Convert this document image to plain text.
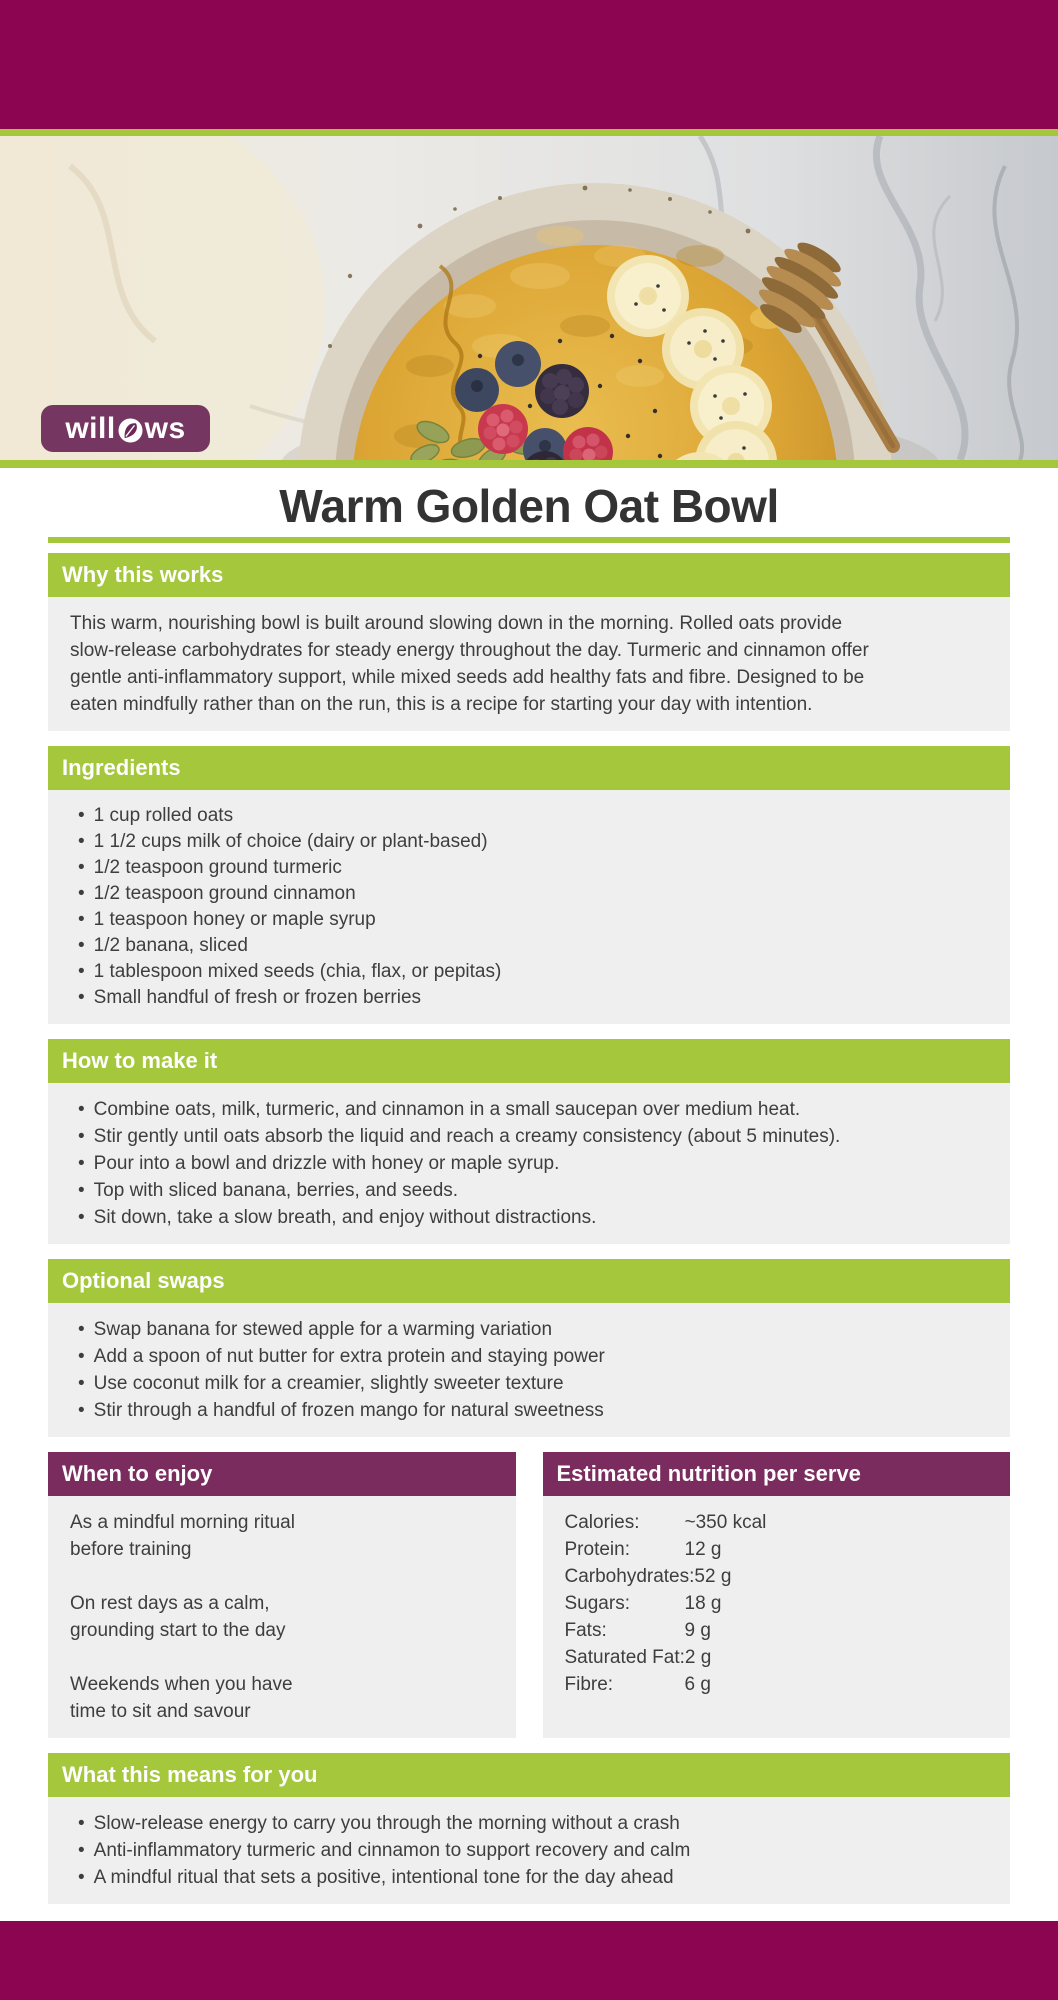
will ws
Warm Golden Oat Bowl
Why this works
This warm, nourishing bowl is built around slowing down in the morning. Rolled oats provide
slow-release carbohydrates for steady energy throughout the day. Turmeric and cinnamon offer
gentle anti-inflammatory support, while mixed seeds add healthy fats and fibre. Designed to be
eaten mindfully rather than on the run, this is a recipe for starting your day with intention.
Ingredients
• 1 cup rolled oats
• 1 1/2 cups milk of choice (dairy or plant-based)
• 1/2 teaspoon ground turmeric
• 1/2 teaspoon ground cinnamon
• 1 teaspoon honey or maple syrup
• 1/2 banana, sliced
• 1 tablespoon mixed seeds (chia, flax, or pepitas)
• Small handful of fresh or frozen berries
How to make it
• Combine oats, milk, turmeric, and cinnamon in a small saucepan over medium heat.
• Stir gently until oats absorb the liquid and reach a creamy consistency (about 5 minutes).
• Pour into a bowl and drizzle with honey or maple syrup.
• Top with sliced banana, berries, and seeds.
• Sit down, take a slow breath, and enjoy without distractions.
Optional swaps
• Swap banana for stewed apple for a warming variation
• Add a spoon of nut butter for extra protein and staying power
• Use coconut milk for a creamier, slightly sweeter texture
• Stir through a handful of frozen mango for natural sweetness
When to enjoy

As a mindful morning ritual
before training

On rest days as a calm,
grounding start to the day

Weekends when you have
time to sit and savour

Estimated nutrition per serve
Calories: ~350 kcal
Protein:	12 g
Carbohydrates:52 g
Sugars:	18 g
Fats:	9 g
Saturated Fat:2 g
Fibre:	6 g
What this means for you
• Slow-release energy to carry you through the morning without a crash
• Anti-inflammatory turmeric and cinnamon to support recovery and calm
• A mindful ritual that sets a positive, intentional tone for the day ahead
